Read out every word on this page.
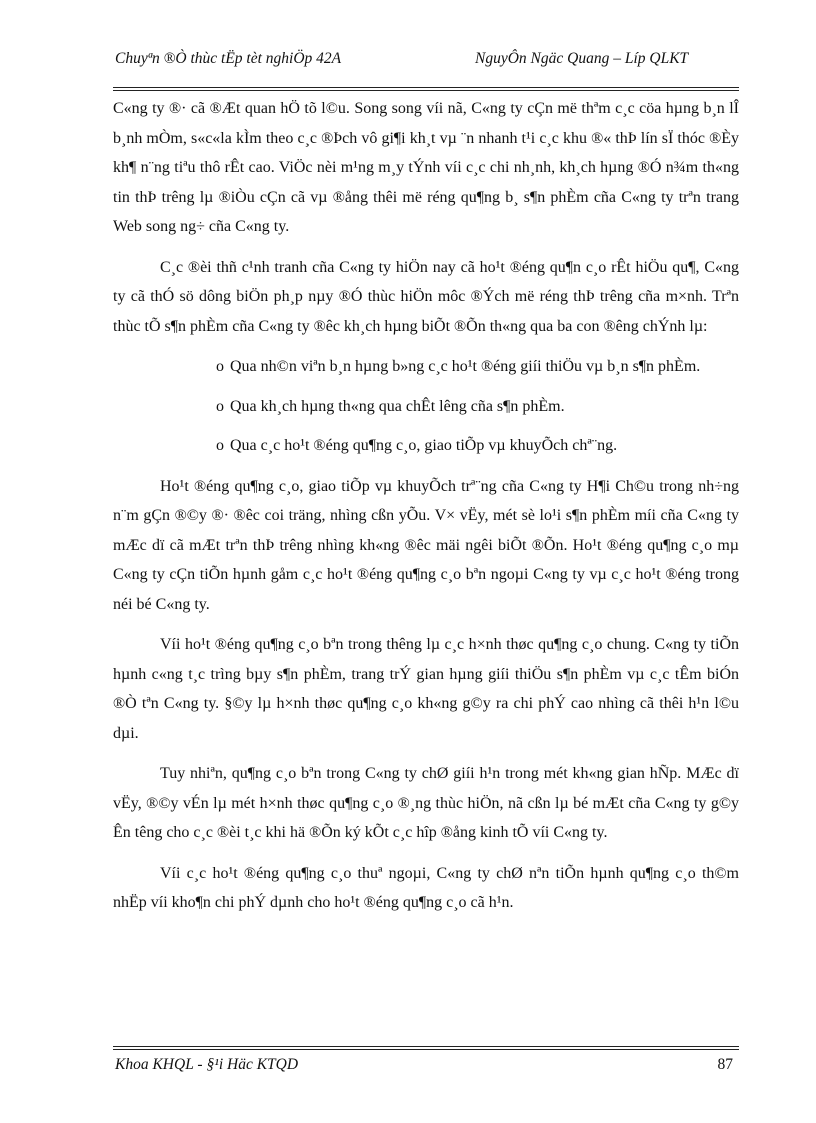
Chuyªn ®Ò thùc tËp tèt nghiÖp 42A	NguyÔn Ngäc Quang – Líp QLKT

C«ng ty ®· cã ®Æt quan hÖ tõ l©u. Song song víi nã, C«ng ty cÇn më thªm c¸c cöa hµng b¸n lÎ b¸nh mÒm, s«c«la kÌm theo c¸c ®Þch vô gi¶i kh¸t vµ ¨n nhanh t¹i c¸c khu ®« thÞ lín sÏ thóc ®Èy kh¶ n¨ng tiªu thô rÊt cao. ViÖc nèi m¹ng m¸y tÝnh víi c¸c chi nh¸nh, kh¸ch hµng ®Ó n¾m th«ng tin thÞ trêng lµ ®iÒu cÇn cã vµ ®ång thêi më réng qu¶ng b¸ s¶n phÈm cña C«ng ty trªn trang Web song ng÷ cña C«ng ty.

C¸c ®èi thñ c¹nh tranh cña C«ng ty hiÖn nay cã ho¹t ®éng qu¶n c¸o rÊt hiÖu qu¶, C«ng ty cã thÓ sö dông biÖn ph¸p nµy ®Ó thùc hiÖn môc ®Ých më réng thÞ trêng cña m×nh. Trªn thùc tÕ s¶n phÈm cña C«ng ty ®êc kh¸ch hµng biÕt ®Õn th«ng qua ba con ®êng chÝnh lµ:

o Qua nh©n viªn b¸n hµng b»ng c¸c ho¹t ®éng giíi thiÖu vµ b¸n s¶n phÈm.
o Qua kh¸ch hµng th«ng qua chÊt lêng cña s¶n phÈm.
o Qua c¸c ho¹t ®éng qu¶ng c¸o, giao tiÕp vµ khuyÕch chª¨ng.

Ho¹t ®éng qu¶ng c¸o, giao tiÕp vµ khuyÕch trª¨ng cña C«ng ty H¶i Ch©u trong nh÷ng n¨m gÇn ®©y ®· ®êc coi träng, nhìng cßn yÕu. V× vËy, mét sè lo¹i s¶n phÈm míi cña C«ng ty mÆc dï cã mÆt trªn thÞ trêng nhìng kh«ng ®êc mäi ngêi biÕt ®Õn. Ho¹t ®éng qu¶ng c¸o mµ C«ng ty cÇn tiÕn hµnh gåm c¸c ho¹t ®éng qu¶ng c¸o bªn ngoµi C«ng ty vµ c¸c ho¹t ®éng trong néi bé C«ng ty.

Víi ho¹t ®éng qu¶ng c¸o bªn trong thêng lµ c¸c h×nh thøc qu¶ng c¸o chung. C«ng ty tiÕn hµnh c«ng t¸c trìng bµy s¶n phÈm, trang trÝ gian hµng giíi thiÖu s¶n phÈm vµ c¸c tÊm biÓn ®Ò tªn C«ng ty. §©y lµ h×nh thøc qu¶ng c¸o kh«ng g©y ra chi phÝ cao nhìng cã thêi h¹n l©u dµi.

Tuy nhiªn, qu¶ng c¸o bªn trong C«ng ty chØ giíi h¹n trong mét kh«ng gian hÑp. MÆc dï vËy, ®©y vÉn lµ mét h×nh thøc qu¶ng c¸o ®¸ng thùc hiÖn, nã cßn lµ bé mÆt cña C«ng ty g©y Ên têng cho c¸c ®èi t¸c khi hä ®Õn ký kÕt c¸c hîp ®ång kinh tÕ víi C«ng ty.

Víi c¸c ho¹t ®éng qu¶ng c¸o thuª ngoµi, C«ng ty chØ nªn tiÕn hµnh qu¶ng c¸o th©m nhËp víi kho¶n chi phÝ dµnh cho ho¹t ®éng qu¶ng c¸o cã h¹n.

Khoa KHQL - §¹i Häc KTQD	87
